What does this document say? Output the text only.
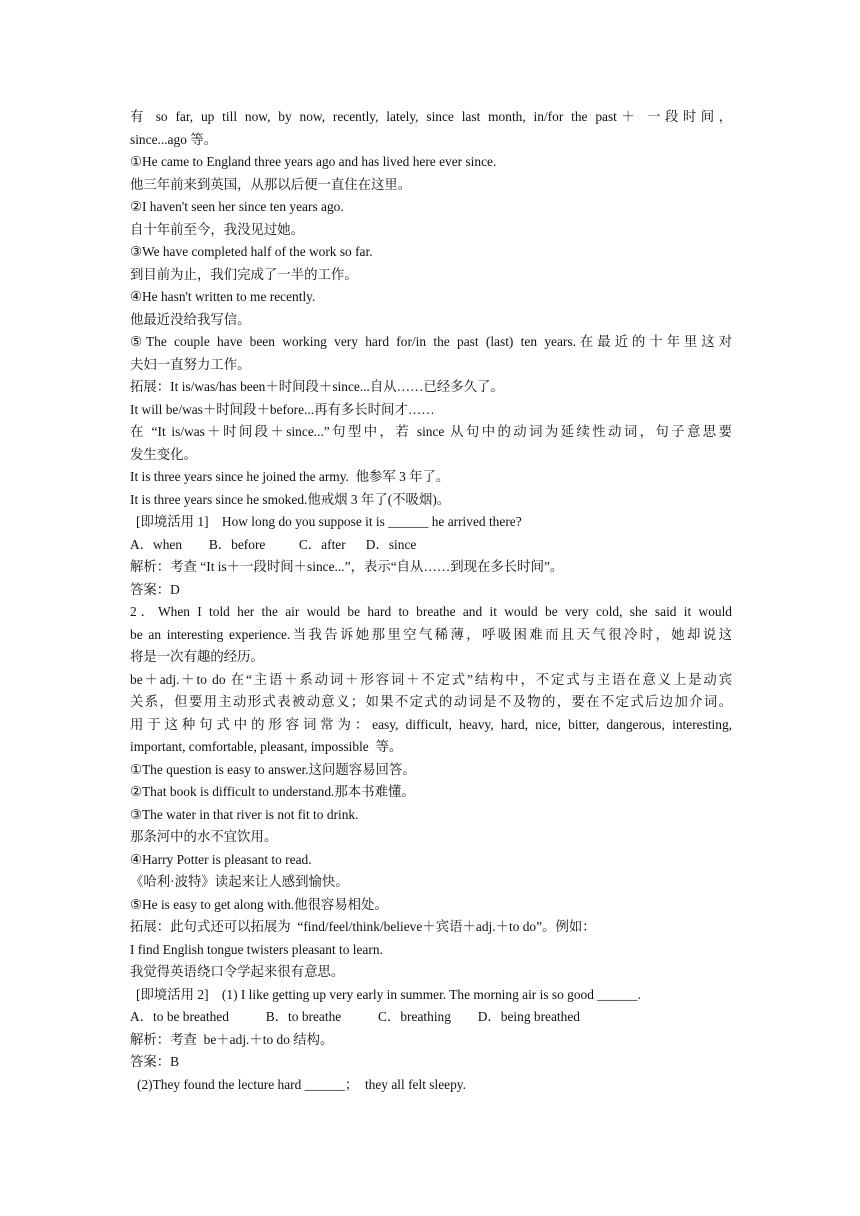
有 so far, up till now, by now, recently, lately, since last month, in/for the past＋ 一段时间，
since...ago 等。
①He came to England three years ago and has lived here ever since.
他三年前来到英国，从那以后便一直住在这里。
②I haven't seen her since ten years ago.
自十年前至今，我没见过她。
③We have completed half of the work so far.
到目前为止，我们完成了一半的工作。
④He hasn't written to me recently.
他最近没给我写信。
⑤The couple have been working very hard for/in the past (last) ten years.在最近的十年里这对
夫妇一直努力工作。
拓展：It is/was/has been＋时间段＋since...自从……已经多久了。
It will be/was＋时间段＋before...再有多长时间才……
在 “It is/was＋时间段＋since...”句型中，若 since 从句中的动词为延续性动词，句子意思要
发生变化。
It is three years since he joined the army.  他参军 3 年了。
It is three years since he smoked.他戒烟 3 年了(不吸烟)。
[即境活用 1]    How long do you suppose it is ______ he arrived there?
A．when        B．before          C．after      D．since
解析：考查 “It is＋一段时间＋since...”，表示“自从……到现在多长时间”。
答案：D
2．When I told her the air would be hard to breathe and it would be very cold, she said it would
be an interesting experience.当我告诉她那里空气稀薄，呼吸困难而且天气很冷时，她却说这
将是一次有趣的经历。
be＋adj.＋to do 在“主语＋系动词＋形容词＋不定式”结构中，不定式与主语在意义上是动宾
关系，但要用主动形式表被动意义；如果不定式的动词是不及物的，要在不定式后边加介词。
用于这种句式中的形容词常为：easy, difficult, heavy, hard, nice, bitter, dangerous, interesting,
important, comfortable, pleasant, impossible  等。
①The question is easy to answer.这问题容易回答。
②That book is difficult to understand.那本书难懂。
③The water in that river is not fit to drink.
那条河中的水不宜饮用。
④Harry Potter is pleasant to read.
《哈利·波特》读起来让人感到愉快。
⑤He is easy to get along with.他很容易相处。
拓展：此句式还可以拓展为  “find/feel/think/believe＋宾语＋adj.＋to do”。例如：
I find English tongue twisters pleasant to learn.
我觉得英语绕口令学起来很有意思。
[即境活用 2]    (1) I like getting up very early in summer. The morning air is so good ______.
A．to be breathed           B．to breathe           C．breathing        D．being breathed
解析：考查  be＋adj.＋to do 结构。
答案：B
(2)They found the lecture hard ______；  they all felt sleepy.
